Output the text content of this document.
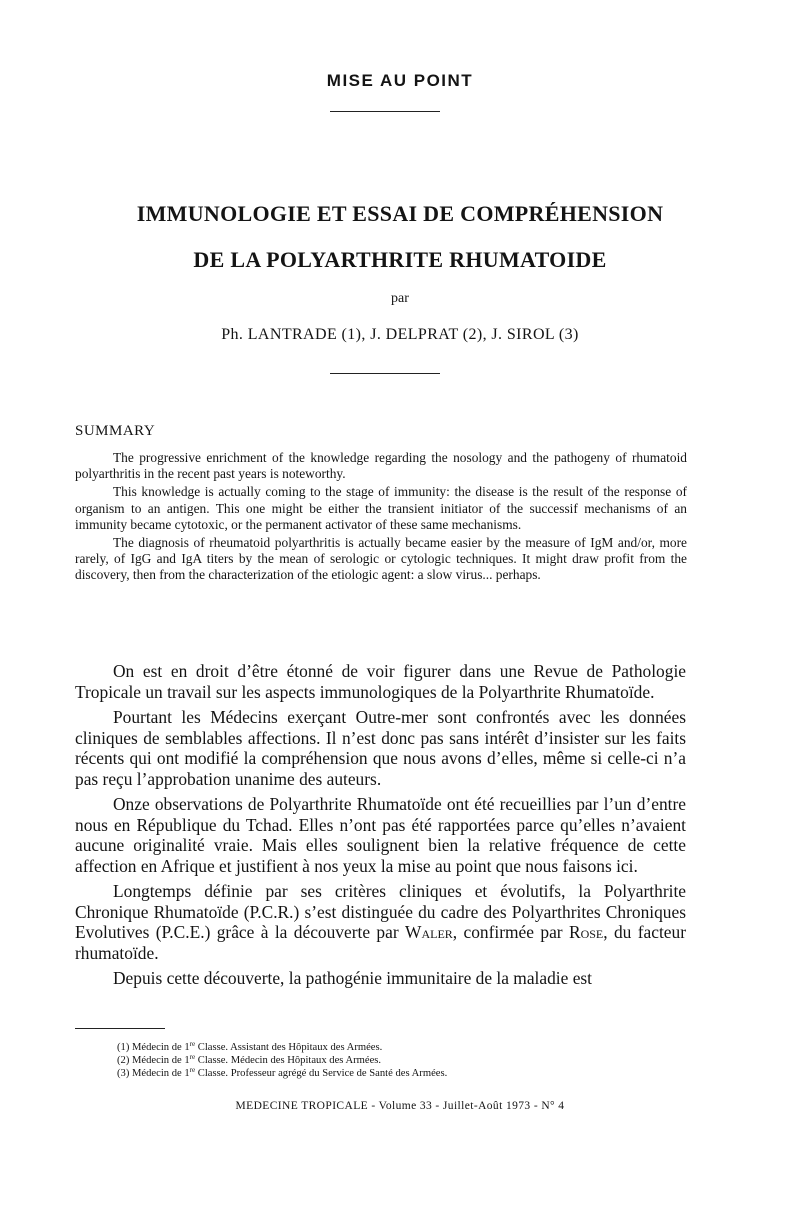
MISE AU POINT
IMMUNOLOGIE ET ESSAI DE COMPRÉHENSION
DE LA POLYARTHRITE RHUMATOIDE
par
Ph. LANTRADE (1), J. DELPRAT (2), J. SIROL (3)
SUMMARY

The progressive enrichment of the knowledge regarding the nosology and the pathogeny of rhumatoid polyarthritis in the recent past years is noteworthy.

This knowledge is actually coming to the stage of immunity: the disease is the result of the response of organism to an antigen. This one might be either the transient initiator of the successif mechanisms of an immunity became cytotoxic, or the permanent activator of these same mechanisms.

The diagnosis of rheumatoid polyarthritis is actually became easier by the measure of IgM and/or, more rarely, of IgG and IgA titers by the mean of serologic or cytologic techniques. It might draw profit from the discovery, then from the characterization of the etiologic agent: a slow virus... perhaps.

On est en droit d’être étonné de voir figurer dans une Revue de Pathologie Tropicale un travail sur les aspects immunologiques de la Polyarthrite Rhumatoïde.

Pourtant les Médecins exerçant Outre-mer sont confrontés avec les données cliniques de semblables affections. Il n’est donc pas sans intérêt d’insister sur les faits récents qui ont modifié la compréhension que nous avons d’elles, même si celle-ci n’a pas reçu l’approbation unanime des auteurs.

Onze observations de Polyarthrite Rhumatoïde ont été recueillies par l’un d’entre nous en République du Tchad. Elles n’ont pas été rapportées parce qu’elles n’avaient aucune originalité vraie. Mais elles soulignent bien la relative fréquence de cette affection en Afrique et justifient à nos yeux la mise au point que nous faisons ici.

Longtemps définie par ses critères cliniques et évolutifs, la Polyarthrite Chronique Rhumatoïde (P.C.R.) s’est distinguée du cadre des Polyarthrites Chroniques Evolutives (P.C.E.) grâce à la découverte par Waler, confirmée par Rose, du facteur rhumatoïde.

Depuis cette découverte, la pathogénie immunitaire de la maladie est

(1) Médecin de 1re Classe. Assistant des Hôpitaux des Armées.
(2) Médecin de 1re Classe. Médecin des Hôpitaux des Armées.
(3) Médecin de 1re Classe. Professeur agrégé du Service de Santé des Armées.
MEDECINE TROPICALE - Volume 33 - Juillet-Août 1973 - N° 4
